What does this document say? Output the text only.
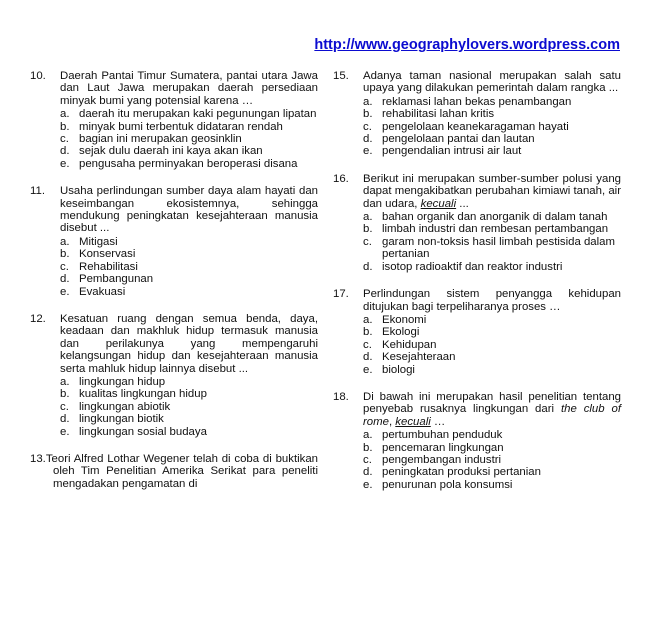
http://www.geographylovers.wordpress.com
10.	Daerah Pantai Timur Sumatera, pantai utara Jawa dan Laut Jawa merupakan daerah persediaan minyak bumi yang potensial karena …
a. daerah itu merupakan kaki pegunungan lipatan
b. minyak bumi terbentuk didataran rendah
c. bagian ini merupakan geosinklin
d. sejak dulu daerah ini kaya akan ikan
e. pengusaha perminyakan beroperasi disana
11.	Usaha perlindungan sumber daya alam hayati dan keseimbangan ekosistemnya, sehingga mendukung peningkatan kesejahteraan manusia disebut ...
a. Mitigasi
b. Konservasi
c. Rehabilitasi
d. Pembangunan
e. Evakuasi
12.	Kesatuan ruang dengan semua benda, daya, keadaan dan makhluk hidup termasuk manusia dan perilakunya yang mempengaruhi kelangsungan hidup dan kesejahteraan manusia serta mahluk hidup lainnya disebut ...
a. lingkungan hidup
b. kualitas lingkungan hidup
c. lingkungan abiotik
d. lingkungan biotik
e. lingkungan sosial budaya
13.Teori Alfred Lothar Wegener telah di coba di buktikan oleh Tim Penelitian Amerika Serikat para peneliti mengadakan pengamatan di
15.	Adanya taman nasional merupakan salah satu upaya yang dilakukan pemerintah dalam rangka ...
a. reklamasi lahan bekas penambangan
b. rehabilitasi lahan kritis
c. pengelolaan keanekaragaman hayati
d. pengelolaan pantai dan lautan
e. pengendalian intrusi air laut
16.	Berikut ini merupakan sumber-sumber polusi yang dapat mengakibatkan perubahan kimiawi tanah, air dan udara, kecuali ...
a. bahan organik dan anorganik di dalam tanah
b. limbah industri dan rembesan pertambangan
c. garam non-toksis hasil limbah pestisida dalam pertanian
d. isotop radioaktif dan reaktor industri
17.	Perlindungan sistem penyangga kehidupan ditujukan bagi terpeliharanya proses …
a. Ekonomi
b. Ekologi
c. Kehidupan
d. Kesejahteraan
e. biologi
18.	Di bawah ini merupakan hasil penelitian tentang penyebab rusaknya lingkungan dari the club of rome, kecuali …
a. pertumbuhan penduduk
b. pencemaran lingkungan
c. pengembangan industri
d. peningkatan produksi pertanian
e. penurunan pola konsumsi
